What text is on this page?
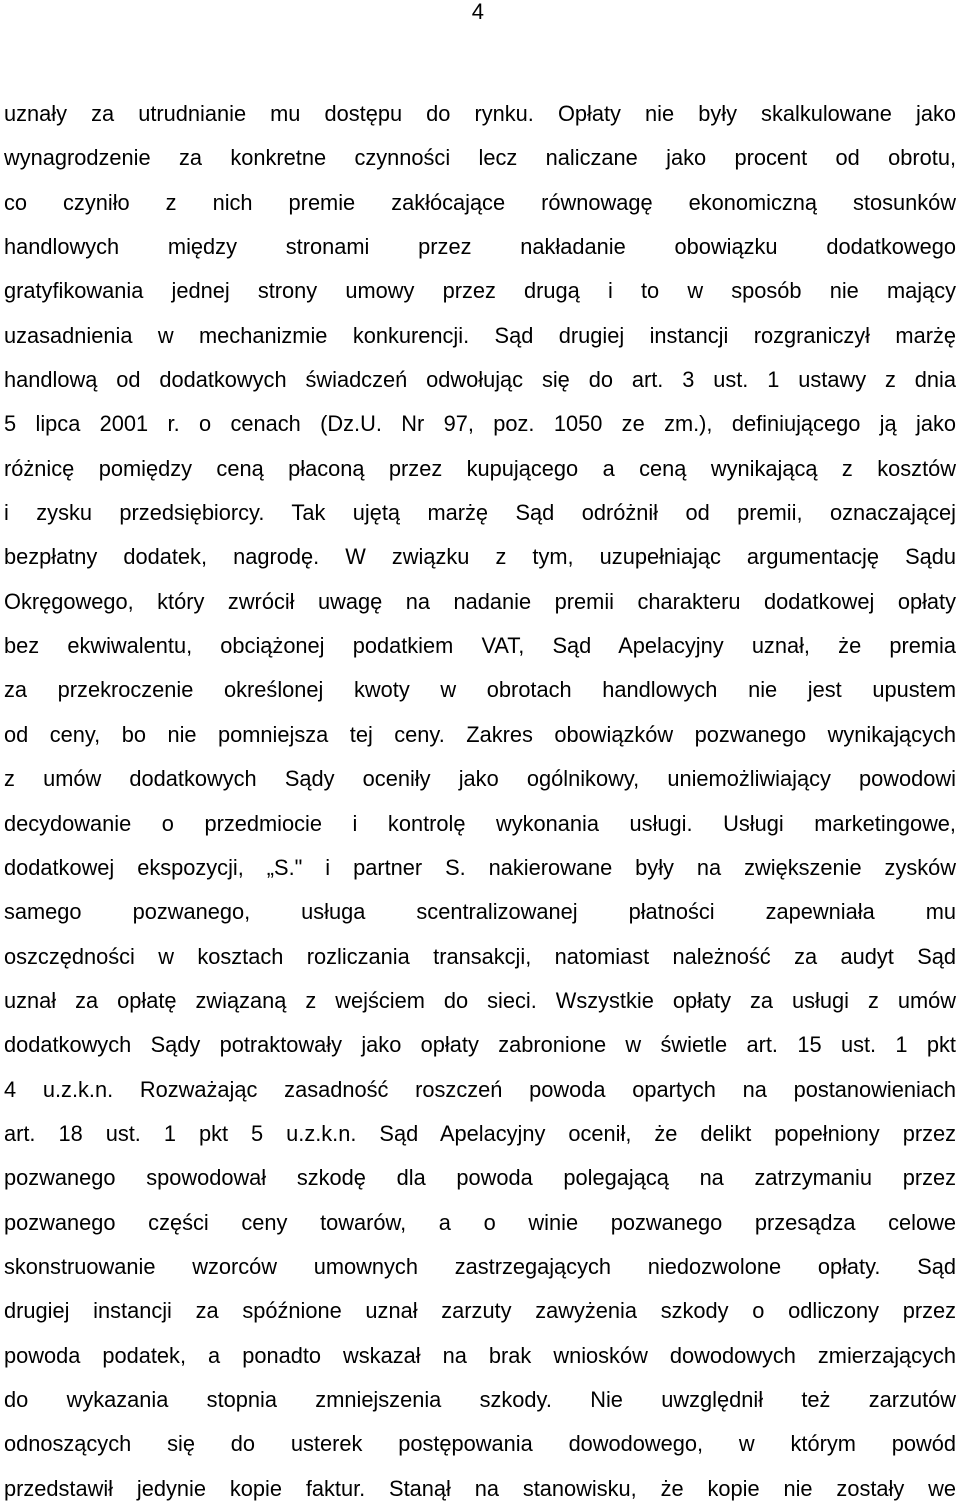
4
uznały za utrudnianie mu dostępu do rynku. Opłaty nie były skalkulowane jako
wynagrodzenie za konkretne czynności lecz naliczane jako procent od obrotu,
co czyniło z nich premie zakłócające równowagę ekonomiczną stosunków
handlowych między stronami przez nakładanie obowiązku dodatkowego
gratyfikowania jednej strony umowy przez drugą i to w sposób nie mający
uzasadnienia w mechanizmie konkurencji. Sąd drugiej instancji rozgraniczył marżę
handlową od dodatkowych świadczeń odwołując się do art. 3 ust. 1 ustawy z dnia
5 lipca 2001 r. o cenach (Dz.U. Nr 97, poz. 1050 ze zm.), definiującego ją jako
różnicę pomiędzy ceną płaconą przez kupującego a ceną wynikającą z kosztów
i zysku przedsiębiorcy. Tak ujętą marżę Sąd odróżnił od premii, oznaczającej
bezpłatny dodatek, nagrodę. W związku z tym, uzupełniając argumentację Sądu
Okręgowego, który zwrócił uwagę na nadanie premii charakteru dodatkowej opłaty
bez ekwiwalentu, obciążonej podatkiem VAT, Sąd Apelacyjny uznał, że premia
za przekroczenie określonej kwoty w obrotach handlowych nie jest upustem
od ceny, bo nie pomniejsza tej ceny. Zakres obowiązków pozwanego wynikających
z umów dodatkowych Sądy oceniły jako ogólnikowy, uniemożliwiający powodowi
decydowanie o przedmiocie i kontrolę wykonania usługi. Usługi marketingowe,
dodatkowej ekspozycji, „S." i partner S. nakierowane były na zwiększenie zysków
samego pozwanego, usługa scentralizowanej płatności zapewniała mu
oszczędności w kosztach rozliczania transakcji, natomiast należność za audyt Sąd
uznał za opłatę związaną z wejściem do sieci. Wszystkie opłaty za usługi z umów
dodatkowych Sądy potraktowały jako opłaty zabronione w świetle art. 15 ust. 1 pkt
4 u.z.k.n. Rozważając zasadność roszczeń powoda opartych na postanowieniach
art. 18 ust. 1 pkt 5 u.z.k.n. Sąd Apelacyjny ocenił, że delikt popełniony przez
pozwanego spowodował szkodę dla powoda polegającą na zatrzymaniu przez
pozwanego części ceny towarów, a o winie pozwanego przesądza celowe
skonstruowanie wzorców umownych zastrzegających niedozwolone opłaty. Sąd
drugiej instancji za spóźnione uznał zarzuty zawyżenia szkody o odliczony przez
powoda podatek, a ponadto wskazał na brak wniosków dowodowych zmierzających
do wykazania stopnia zmniejszenia szkody. Nie uwzględnił też zarzutów
odnoszących się do usterek postępowania dowodowego, w którym powód
przedstawił jedynie kopie faktur. Stanął na stanowisku, że kopie nie zostały we
